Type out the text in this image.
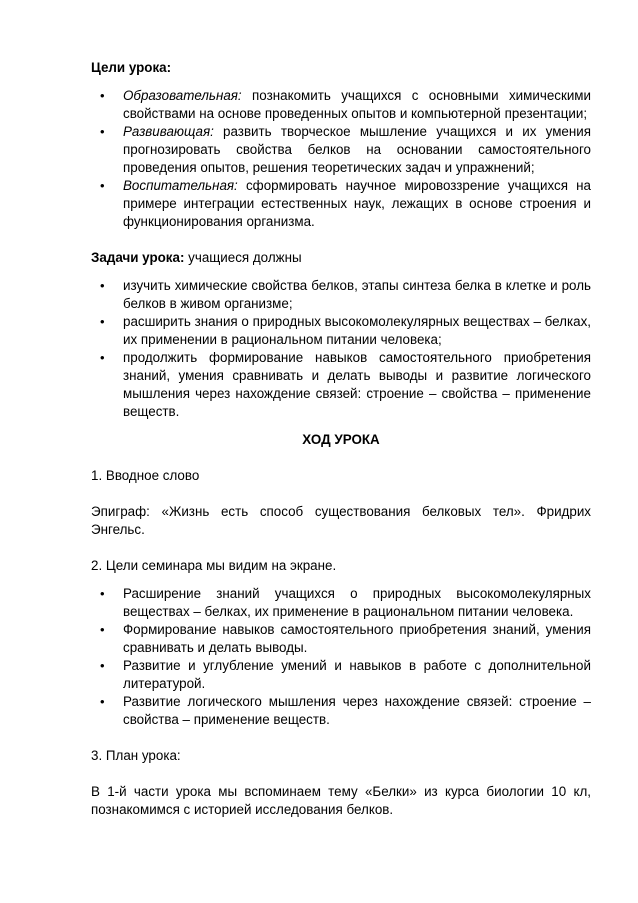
Цели урока:

• Образовательная: познакомить учащихся с основными химическими свойствами на основе проведенных опытов и компьютерной презентации;
• Развивающая: развить творческое мышление учащихся и их умения прогнозировать свойства белков на основании самостоятельного проведения опытов, решения теоретических задач и упражнений;
• Воспитательная: сформировать научное мировоззрение учащихся на примере интеграции естественных наук, лежащих в основе строения и функционирования организма.

Задачи урока: учащиеся должны

• изучить химические свойства белков, этапы синтеза белка в клетке и роль белков в живом организме;
• расширить знания о природных высокомолекулярных веществах – белках, их применении в рациональном питании человека;
• продолжить формирование навыков самостоятельного приобретения знаний, умения сравнивать и делать выводы и развитие логического мышления через нахождение связей: строение – свойства – применение веществ.

ХОД УРОКА

1. Вводное слово

Эпиграф: «Жизнь есть способ существования белковых тел». Фридрих Энгельс.

2. Цели семинара мы видим на экране.

• Расширение знаний учащихся о природных высокомолекулярных веществах – белках, их применение в рациональном питании человека.
• Формирование навыков самостоятельного приобретения знаний, умения сравнивать и делать выводы.
• Развитие и углубление умений и навыков в работе с дополнительной литературой.
• Развитие логического мышления через нахождение связей: строение – свойства – применение веществ.

3. План урока:

В 1-й части урока мы вспоминаем тему «Белки» из курса биологии 10 кл, познакомимся с историей исследования белков.
